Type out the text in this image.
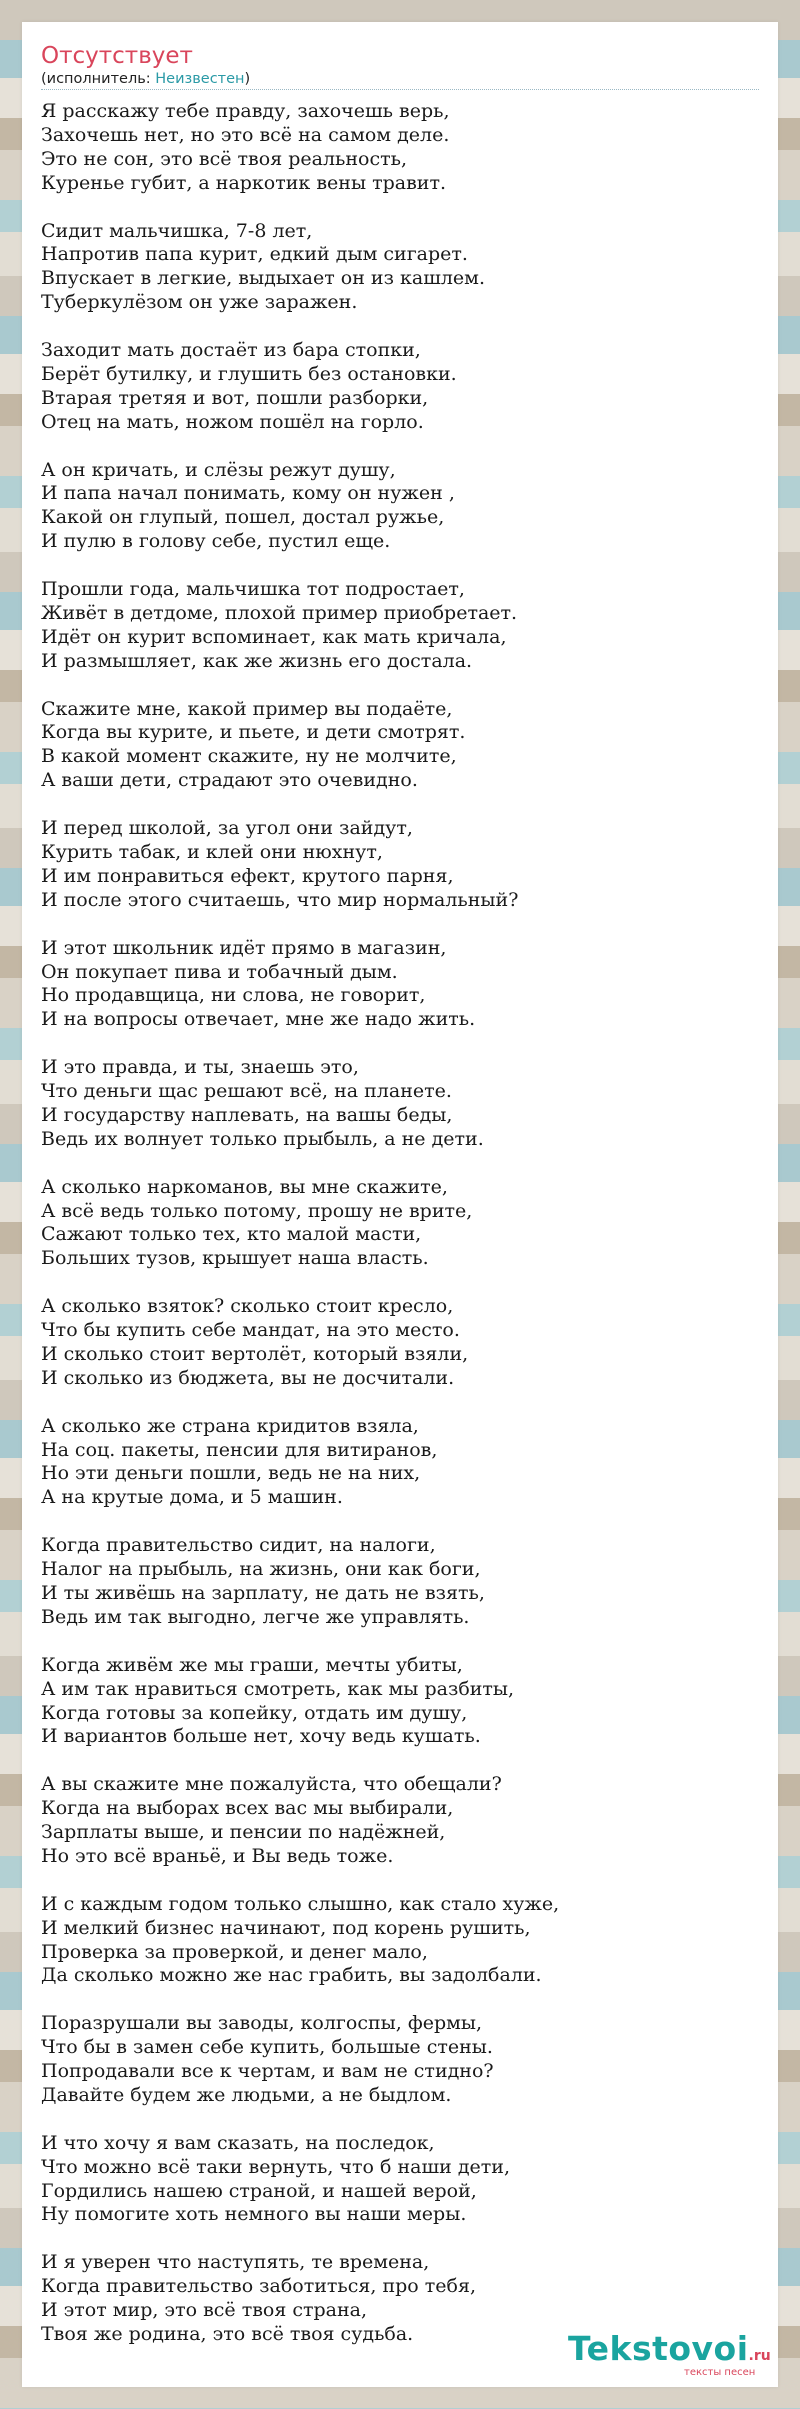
Отсутствует
(исполнитель: Неизвестен)
Я расскажу тебе правду, захочешь верь,
Захочешь нет, но это всё на самом деле.
Это не сон, это всё твоя реальность,
Куренье губит, а наркотик вены травит.
Сидит мальчишка, 7-8 лет,
Напротив папа курит, едкий дым сигарет.
Впускает в легкие, выдыхает он из кашлем.
Туберкулёзом он уже заражен.
Заходит мать достаёт из бара стопки,
Берёт бутилку, и глушить без остановки.
Втарая третяя и вот, пошли разборки,
Отец на мать, ножом пошёл на горло.
А он кричать, и слёзы режут душу,
И папа начал понимать, кому он нужен ,
Какой он глупый, пошел, достал ружье,
И пулю в голову себе, пустил еще.
Прошли года, мальчишка тот подростает,
Живёт в детдоме, плохой пример приобретает.
Идёт он курит вспоминает, как мать кричала,
И размышляет, как же жизнь его достала.
Скажите мне, какой пример вы подаёте,
Когда вы курите, и пьете, и дети смотрят.
В какой момент скажите, ну не молчите,
А ваши дети, страдают это очевидно.
И перед школой, за угол они зайдут,
Курить табак, и клей они нюхнут,
И им понравиться ефект, крутого парня,
И после этого считаешь, что мир нормальный?
И этот школьник идёт прямо в магазин,
Он покупает пива и тобачный дым.
Но продавщица, ни слова, не говорит,
И на вопросы отвечает, мне же надо жить.
И это правда, и ты, знаешь это,
Что деньги щас решают всё, на планете.
И государству наплевать, на вашы беды,
Ведь их волнует только прыбыль, а не дети.
А сколько наркоманов, вы мне скажите,
А всё ведь только потому, прошу не врите,
Сажают только тех, кто малой масти,
Больших тузов, крышует наша власть.
А сколько взяток? сколько стоит кресло,
Что бы купить себе мандат, на это место.
И сколько стоит вертолёт, который взяли,
И сколько из бюджета, вы не досчитали.
А сколько же страна кридитов взяла,
На соц. пакеты, пенсии для витиранов,
Но эти деньги пошли, ведь не на них,
А на крутые дома, и 5 машин.
Когда правительство сидит, на налоги,
Налог на прыбыль, на жизнь, они как боги,
И ты живёшь на зарплату, не дать не взять,
Ведь им так выгодно, легче же управлять.
Когда живём же мы граши, мечты убиты,
А им так нравиться смотреть, как мы разбиты,
Когда готовы за копейку, отдать им душу,
И вариантов больше нет, хочу ведь кушать.
А вы скажите мне пожалуйста, что обещали?
Когда на выборах всех вас мы выбирали,
Зарплаты выше, и пенсии по надёжней,
Но это всё враньё, и Вы ведь тоже.
И с каждым годом только слышно, как стало хуже,
И мелкий бизнес начинают, под корень рушить,
Проверка за проверкой, и денег мало,
Да сколько можно же нас грабить, вы задолбали.
Поразрушали вы заводы, колгоспы, фермы,
Что бы в замен себе купить, большыe стены.
Попродавали все к чертам, и вам не стидно?
Давайте будем же людьми, а не быдлом.
И что хочу я вам сказать, на последок,
Что можно всё таки вернуть, что б наши дети,
Гордились нашею страной, и нашей верой,
Ну помогите хоть немного вы наши меры.
И я уверен что наступять, те времена,
Когда правительство заботиться, про тебя,
И этот мир, это всё твоя страна,
Твоя же родина, это всё твоя судьба.	Tekstovoi.ru
тексты песен
